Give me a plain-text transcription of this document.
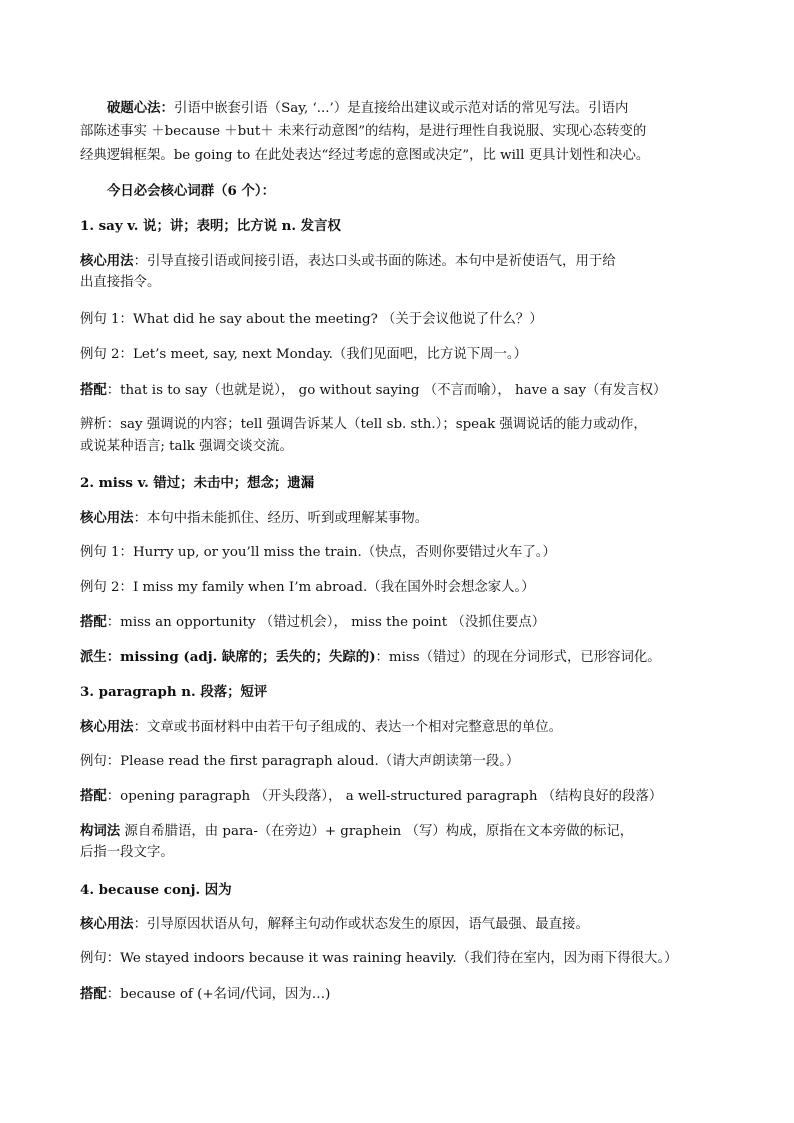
破题心法：引语中嵌套引语（Say, ‘...’）是直接给出建议或示范对话的常见写法。引语内
部陈述事实 ＋because ＋but＋ 未来行动意图”的结构，是进行理性自我说服、实现心态转变的
经典逻辑框架。be going to 在此处表达“经过考虑的意图或决定”，比 will 更具计划性和决心。
今日必会核心词群（6 个）：
1. say v. 说；讲；表明；比方说 n. 发言权
核心用法：引导直接引语或间接引语，表达口头或书面的陈述。本句中是祈使语气，用于给
出直接指令。
例句 1：What did he say about the meeting? （关于会议他说了什么？）
例句 2：Let’s meet, say, next Monday.（我们见面吧，比方说下周一。）
搭配：that is to say（也就是说）， go without saying （不言而喻）， have a say（有发言权）
辨析：say 强调说的内容；tell 强调告诉某人（tell sb. sth.）；speak 强调说话的能力或动作，
或说某种语言; talk 强调交谈交流。
2. miss v. 错过；未击中；想念；遗漏
核心用法：本句中指未能抓住、经历、听到或理解某事物。
例句 1：Hurry up, or you’ll miss the train.（快点，否则你要错过火车了。）
例句 2：I miss my family when I’m abroad.（我在国外时会想念家人。）
搭配：miss an opportunity （错过机会）， miss the point （没抓住要点）
派生：missing (adj. 缺席的；丢失的；失踪的)：miss（错过）的现在分词形式，已形容词化。
3. paragraph n. 段落；短评
核心用法：文章或书面材料中由若干句子组成的、表达一个相对完整意思的单位。
例句：Please read the first paragraph aloud.（请大声朗读第一段。）
搭配：opening paragraph （开头段落）， a well-structured paragraph （结构良好的段落）
构词法 源自希腊语，由 para-（在旁边）+ graphein （写）构成，原指在文本旁做的标记，
后指一段文字。
4. because conj. 因为
核心用法：引导原因状语从句，解释主句动作或状态发生的原因，语气最强、最直接。
例句：We stayed indoors because it was raining heavily.（我们待在室内，因为雨下得很大。）
搭配：because of (+名词/代词，因为…)
